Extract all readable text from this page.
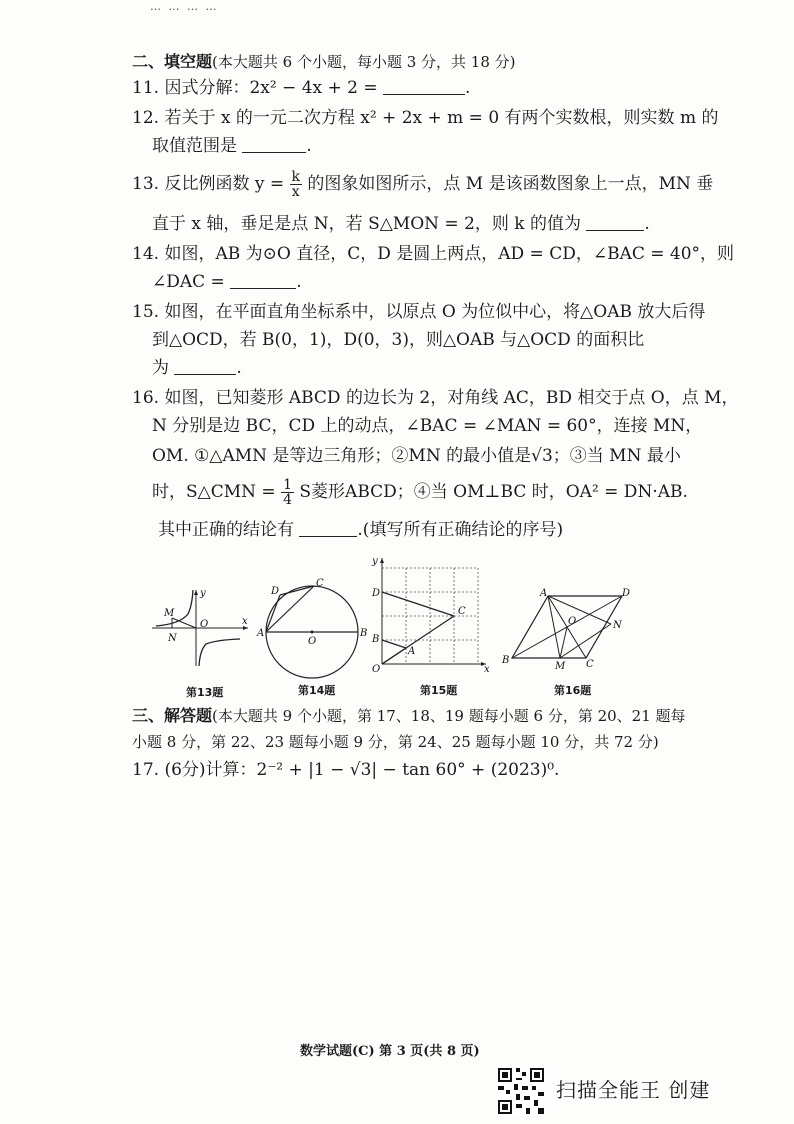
… … … …
二、填空题(本大题共 6 个小题，每小题 3 分，共 18 分)
11. 因式分解：2x² − 4x + 2 =	.
12. 若关于 x 的一元二次方程 x² + 2x + m = 0 有两个实数根，则实数 m 的
取值范围是	.
13. 反比例函数 $y = \frac{k}{x}$ 的图象如图所示，点 M 是该函数图象上一点，MN 垂
直于 x 轴，垂足是点 N，若 S△MON = 2，则 k 的值为	.
14. 如图，AB 为⊙O 直径，C，D 是圆上两点，AD = CD，∠BAC = 40°，则
∠DAC =	.
15. 如图，在平面直角坐标系中，以原点 O 为位似中心，将△OAB 放大后得
到△OCD，若 B(0，1)，D(0，3)，则△OAB 与△OCD 的面积比
为	.
16. 如图，已知菱形 ABCD 的边长为 2，对角线 AC，BD 相交于点 O，点 M，
N 分别是边 BC，CD 上的动点，∠BAC = ∠MAN = 60°，连接 MN，
OM. ①△AMN 是等边三角形；②MN 的最小值是√3；③当 MN 最小
时，S△CMN = $\frac{1}{4}$ S菱形ABCD；④当 OM⊥BC 时，OA² = DN·AB.
其中正确的结论有	.(填写所有正确结论的序号)
y
x
M
N
O
A	B
C
D
O
y
x
O
A
B
C
D	A
B	C
D
O
M
N
第13题	第14题	第15题	第16题
三、解答题(本大题共 9 个小题，第 17、18、19 题每小题 6 分，第 20、21 题每
小题 8 分，第 22、23 题每小题 9 分，第 24、25 题每小题 10 分，共 72 分)
17. (6分)计算：2⁻² + |1 − √3| − tan 60° + (2023)⁰.
数学试题(C) 第 3 页(共 8 页)
扫描全能王 创建
